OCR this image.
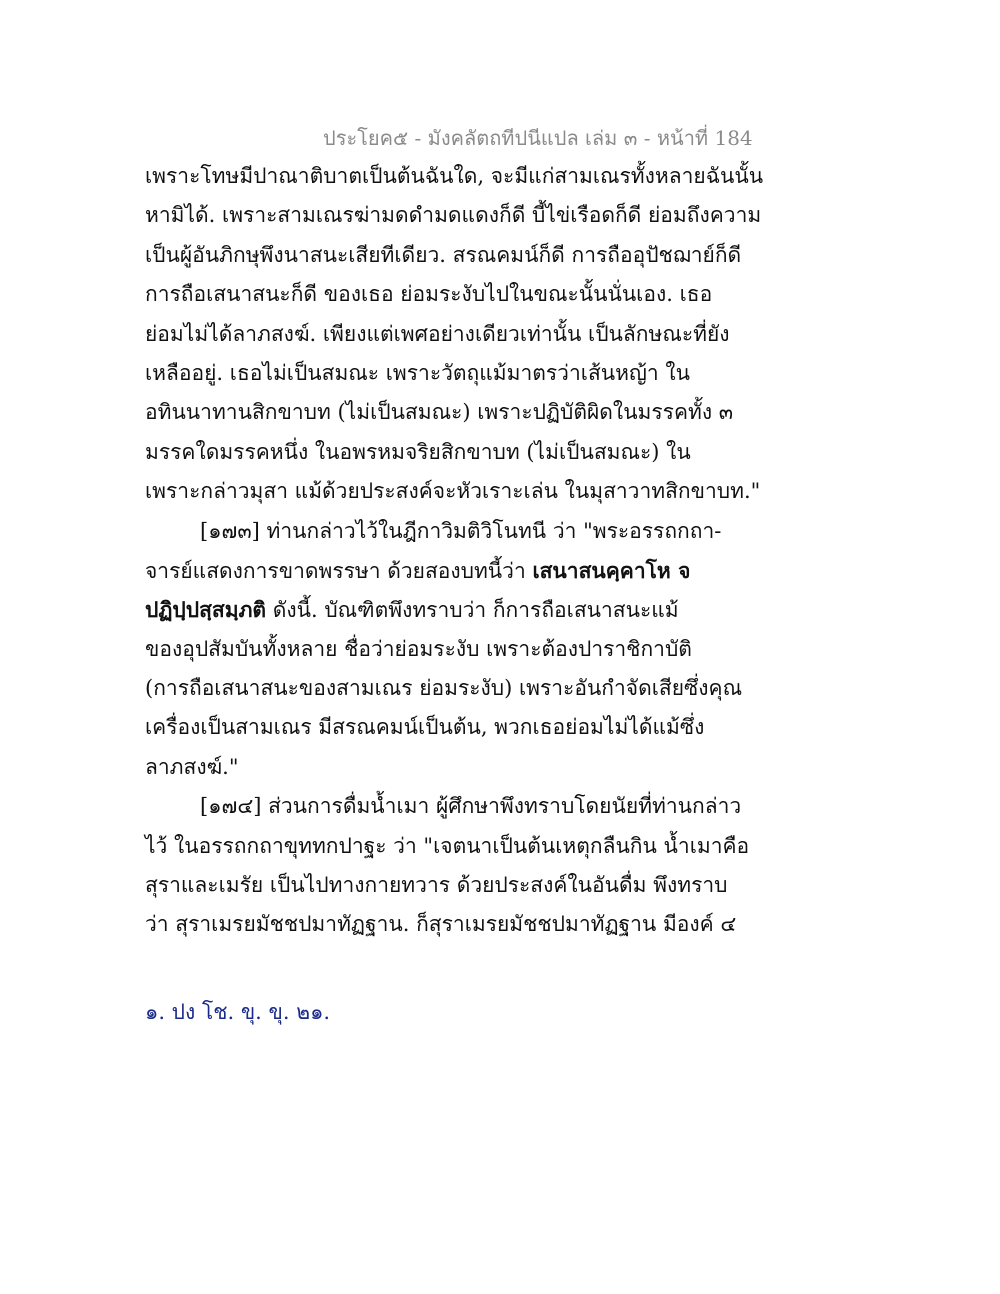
ประโยค๕ - มังคลัตถทีปนีแปล เล่ม ๓ - หน้าที่ 184
เพราะโทษมีปาณาติบาตเป็นต้นฉันใด, จะมีแก่สามเณรทั้งหลายฉันนั้น
หามิได้. เพราะสามเณรฆ่ามดดำมดแดงก็ดี บี้ไข่เรือดก็ดี ย่อมถึงความ
เป็นผู้อันภิกษุพึงนาสนะเสียทีเดียว. สรณคมน์ก็ดี การถืออุปัชฌาย์ก็ดี
การถือเสนาสนะก็ดี ของเธอ ย่อมระงับไปในขณะนั้นนั่นเอง. เธอ
ย่อมไม่ได้ลาภสงฆ์. เพียงแต่เพศอย่างเดียวเท่านั้น เป็นลักษณะที่ยัง
เหลืออยู่. เธอไม่เป็นสมณะ เพราะวัตถุแม้มาตรว่าเส้นหญ้า ใน
อทินนาทานสิกขาบท (ไม่เป็นสมณะ) เพราะปฏิบัติผิดในมรรคทั้ง ๓
มรรคใดมรรคหนึ่ง ในอพรหมจริยสิกขาบท (ไม่เป็นสมณะ) ใน
เพราะกล่าวมุสา แม้ด้วยประสงค์จะหัวเราะเล่น ในมุสาวาทสิกขาบท."
[๑๗๓] ท่านกล่าวไว้ในฎีกาวิมติวิโนทนี ว่า "พระอรรถกถา-
จารย์แสดงการขาดพรรษา ด้วยสองบทนี้ว่า เสนาสนคฺคาโห จ
ปฏิปฺปสฺสมฺภติ ดังนี้. บัณฑิตพึงทราบว่า ก็การถือเสนาสนะแม้
ของอุปสัมบันทั้งหลาย ชื่อว่าย่อมระงับ เพราะต้องปาราชิกาบัติ
(การถือเสนาสนะของสามเณร ย่อมระงับ) เพราะอันกำจัดเสียซึ่งคุณ
เครื่องเป็นสามเณร มีสรณคมน์เป็นต้น, พวกเธอย่อมไม่ได้แม้ซึ่ง
ลาภสงฆ์."
[๑๗๔] ส่วนการดื่มน้ำเมา ผู้ศึกษาพึงทราบโดยนัยที่ท่านกล่าว
ไว้ ในอรรถกถาขุททกปาฐะ ว่า "เจตนาเป็นต้นเหตุกลืนกิน น้ำเมาคือ
สุราและเมรัย เป็นไปทางกายทวาร ด้วยประสงค์ในอันดื่ม พึงทราบ
ว่า สุราเมรยมัชชปมาทัฏฐาน. ก็สุราเมรยมัชชปมาทัฏฐาน มีองค์ ๔
๑. ปง โช. ขุ. ขุ. ๒๑.
